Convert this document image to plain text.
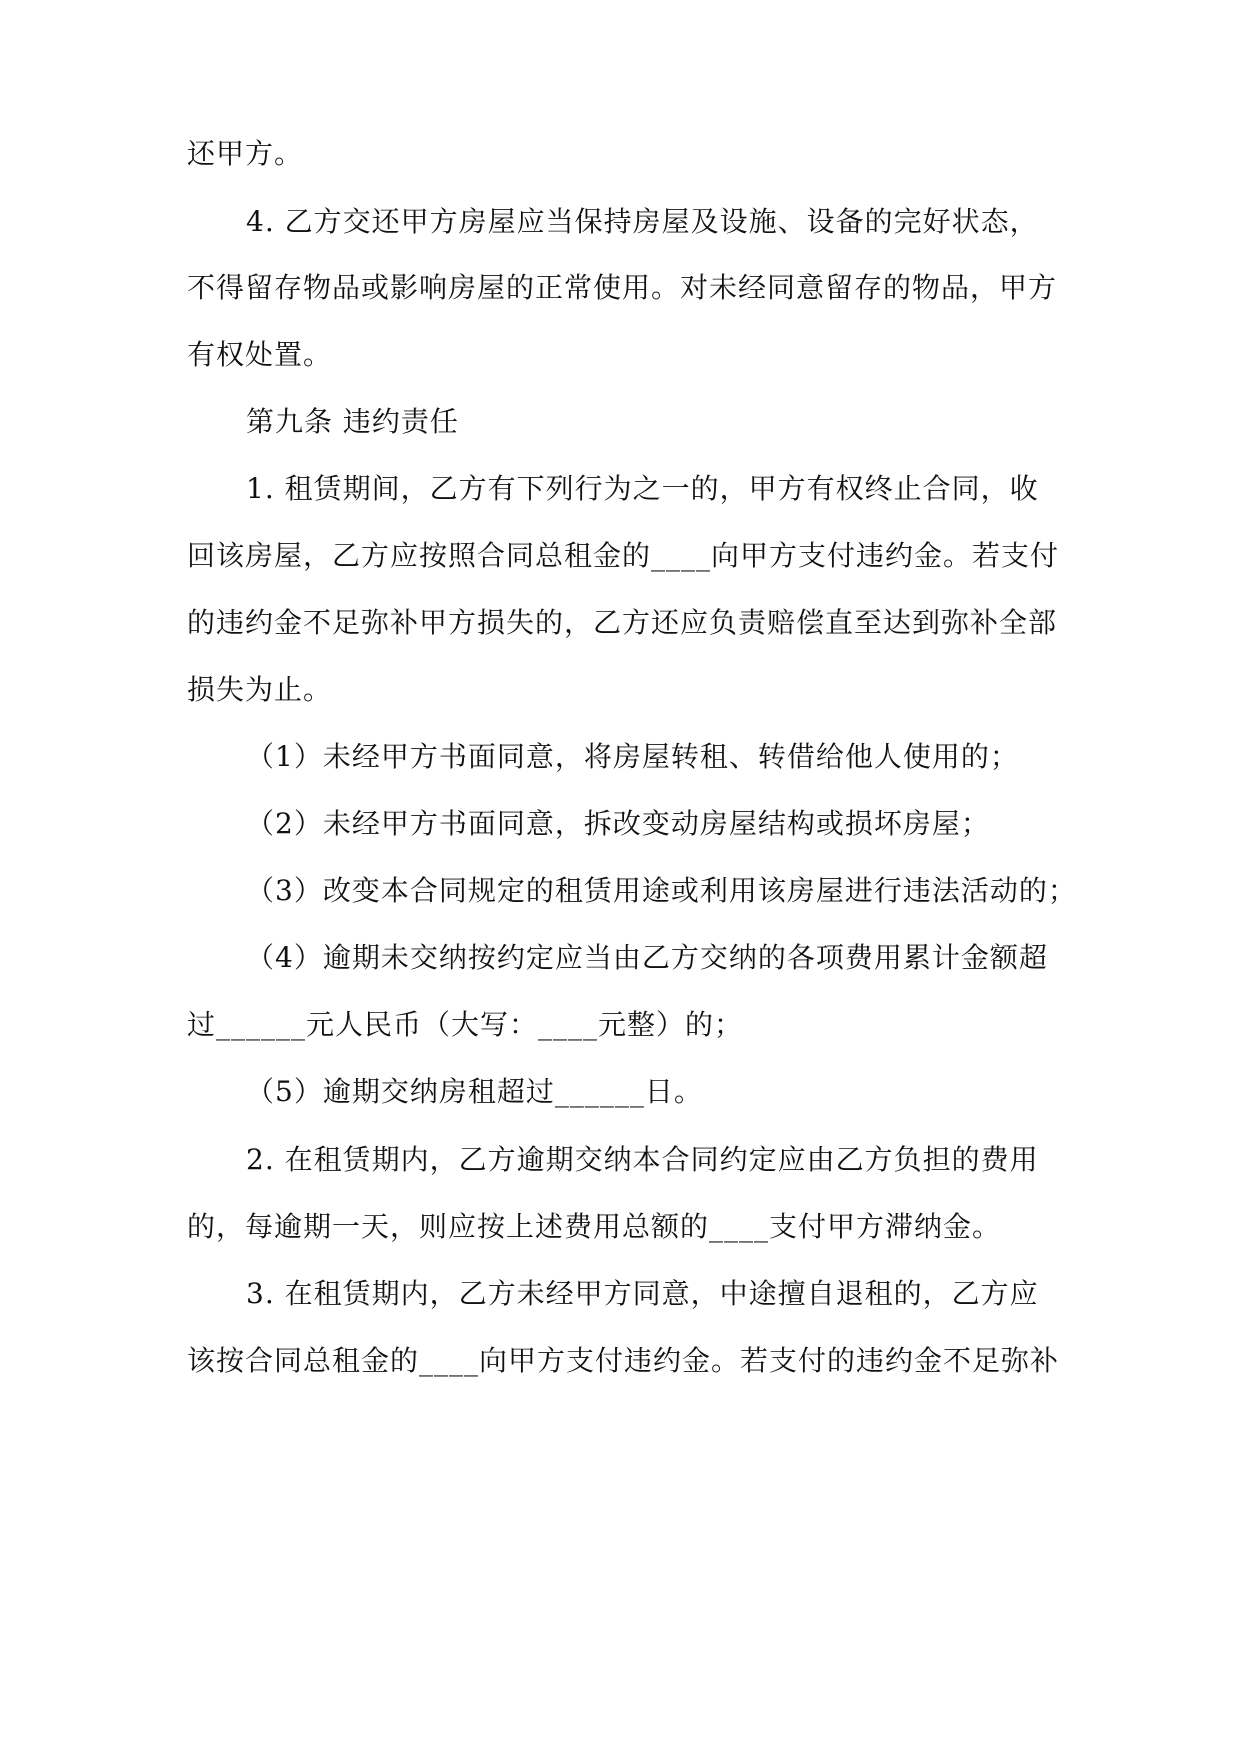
还甲方。
4. 乙方交还甲方房屋应当保持房屋及设施、设备的完好状态，
不得留存物品或影响房屋的正常使用。对未经同意留存的物品，甲方
有权处置。
第九条 违约责任
1. 租赁期间，乙方有下列行为之一的，甲方有权终止合同，收
回该房屋，乙方应按照合同总租金的____向甲方支付违约金。若支付
的违约金不足弥补甲方损失的，乙方还应负责赔偿直至达到弥补全部
损失为止。
（1）未经甲方书面同意，将房屋转租、转借给他人使用的；
（2）未经甲方书面同意，拆改变动房屋结构或损坏房屋；
（3）改变本合同规定的租赁用途或利用该房屋进行违法活动的；
（4）逾期未交纳按约定应当由乙方交纳的各项费用累计金额超
过______元人民币（大写：____元整）的；
（5）逾期交纳房租超过______日。
2. 在租赁期内，乙方逾期交纳本合同约定应由乙方负担的费用
的，每逾期一天，则应按上述费用总额的____支付甲方滞纳金。
3. 在租赁期内，乙方未经甲方同意，中途擅自退租的，乙方应
该按合同总租金的____向甲方支付违约金。若支付的违约金不足弥补
